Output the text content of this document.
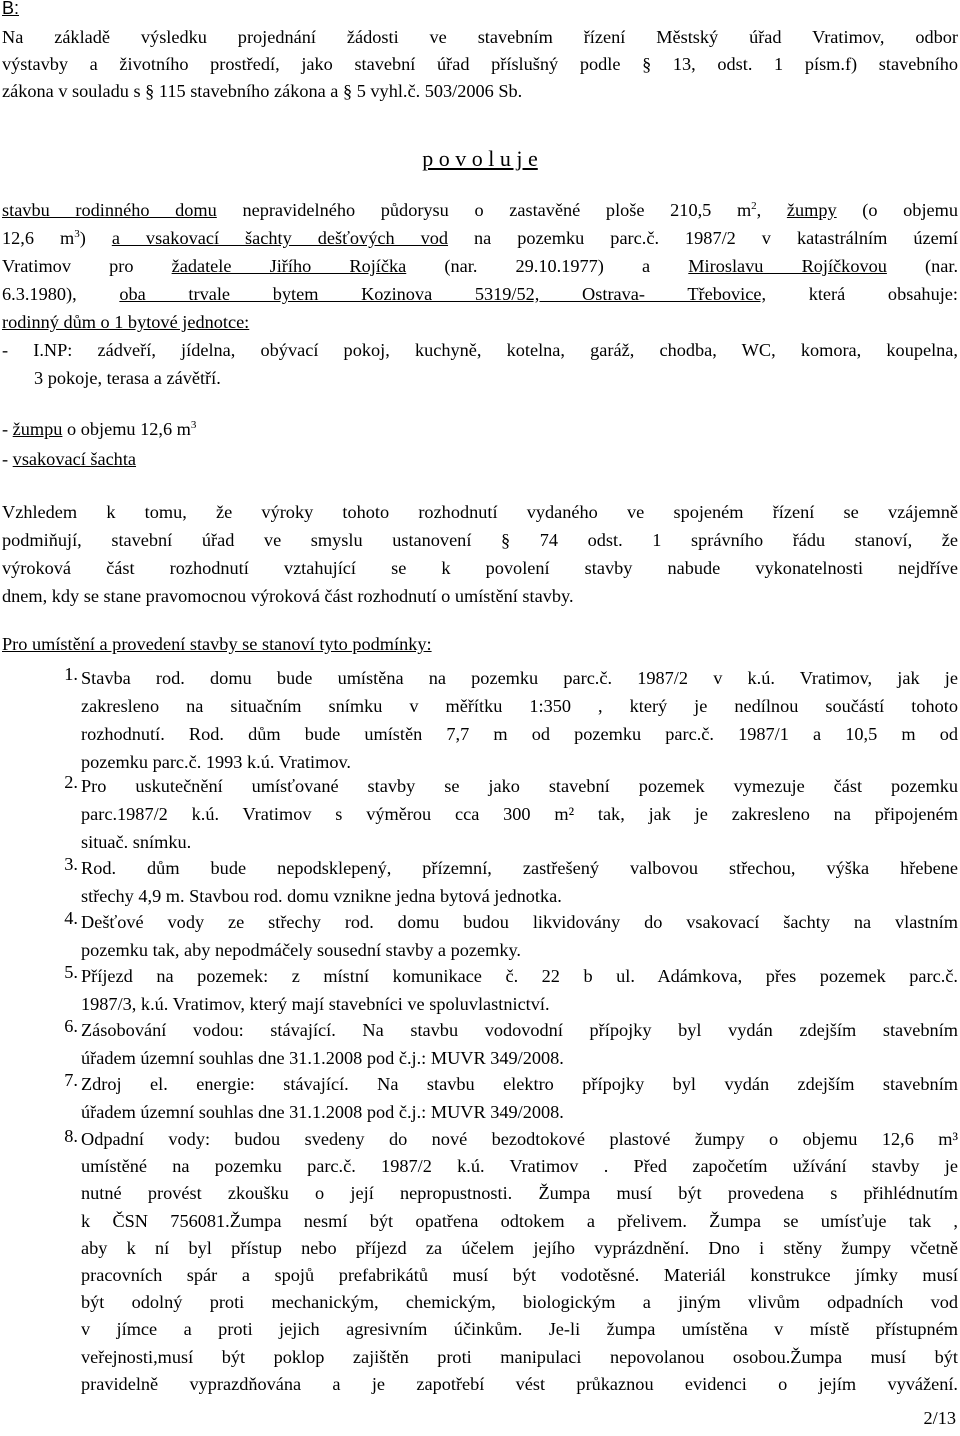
B:
Na základě výsledku projednání žádosti ve stavebním řízení Městský úřad Vratimov, odbor
výstavby a životního prostředí, jako stavební úřad příslušný podle § 13, odst. 1 písm.f) stavebního
zákona v souladu s § 115 stavebního zákona a § 5 vyhl.č. 503/2006 Sb.
p o v o l u j e
stavbu rodinného domu nepravidelného půdorysu o zastavěné ploše 210,5 $m^2$, žumpy (o objemu
12,6 $m^3$) a vsakovací šachty dešťových vod na pozemku parc.č. 1987/2 v katastrálním území
Vratimov pro žadatele Jiřího Rojíčka (nar. 29.10.1977) a Miroslavu Rojíčkovou (nar.
6.3.1980), oba trvale bytem Kozinova 5319/52, Ostrava- Třebovice, která obsahuje:
rodinný dům o 1 bytové jednotce:
- I.NP: zádveří, jídelna, obývací pokoj, kuchyně, kotelna, garáž, chodba, WC, komora, koupelna,
3 pokoje, terasa a závětří.
- žumpu o objemu 12,6 $m^3$
- vsakovací šachta
Vzhledem k tomu, že výroky tohoto rozhodnutí vydaného ve spojeném řízení se vzájemně
podmiňují, stavební úřad ve smyslu ustanovení § 74 odst. 1 správního řádu stanoví, že
výroková část rozhodnutí vztahující se k povolení stavby nabude vykonatelnosti nejdříve
dnem, kdy se stane pravomocnou výroková část rozhodnutí o umístění stavby.
Pro umístění a provedení stavby se stanoví tyto podmínky:
1. Stavba rod. domu bude umístěna na pozemku parc.č. 1987/2 v k.ú. Vratimov, jak je
zakresleno na situačním snímku v měřítku 1:350 , který je nedílnou součástí tohoto
rozhodnutí. Rod. dům bude umístěn 7,7 m od pozemku parc.č. 1987/1 a 10,5 m od
pozemku parc.č. 1993 k.ú. Vratimov.
2. Pro uskutečnění umísťované stavby se jako stavební pozemek vymezuje část pozemku
parc.1987/2 k.ú. Vratimov s výměrou cca 300 m² tak, jak je zakresleno na připojeném
situač. snímku.
3. Rod. dům bude nepodsklepený, přízemní, zastřešený valbovou střechou, výška hřebene
střechy 4,9 m. Stavbou rod. domu vznikne jedna bytová jednotka.
4. Dešťové vody ze střechy rod. domu budou likvidovány do vsakovací šachty na vlastním
pozemku tak, aby nepodmáčely sousední stavby a pozemky.
5. Příjezd na pozemek: z místní komunikace č. 22 b ul. Adámkova, přes pozemek parc.č.
1987/3, k.ú. Vratimov, který mají stavebníci ve spoluvlastnictví.
6. Zásobování vodou: stávající. Na stavbu vodovodní přípojky byl vydán zdejším stavebním
úřadem územní souhlas dne 31.1.2008 pod č.j.: MUVR 349/2008.
7. Zdroj el. energie: stávající. Na stavbu elektro přípojky byl vydán zdejším stavebním
úřadem územní souhlas dne 31.1.2008 pod č.j.: MUVR 349/2008.
8. Odpadní vody: budou svedeny do nové bezodtokové plastové žumpy o objemu 12,6 m³
umístěné na pozemku parc.č. 1987/2 k.ú. Vratimov . Před započetím užívání stavby je
nutné provést zkoušku o její nepropustnosti. Žumpa musí být provedena s přihlédnutím
k ČSN 756081.Žumpa nesmí být opatřena odtokem a přelivem. Žumpa se umísťuje tak ,
aby k ní byl přístup nebo příjezd za účelem jejího vyprázdnění. Dno i stěny žumpy včetně
pracovních spár a spojů prefabrikátů musí být vodotěsné. Materiál konstrukce jímky musí
být odolný proti mechanickým, chemickým, biologickým a jiným vlivům odpadních vod
v jímce a proti jejich agresivním účinkům. Je-li žumpa umístěna v místě přístupném
veřejnosti,musí být poklop zajištěn proti manipulaci nepovolanou osobou.Žumpa musí být
pravidelně vyprazdňována a je zapotřebí vést průkaznou evidenci o jejím vyvážení.
2/13
